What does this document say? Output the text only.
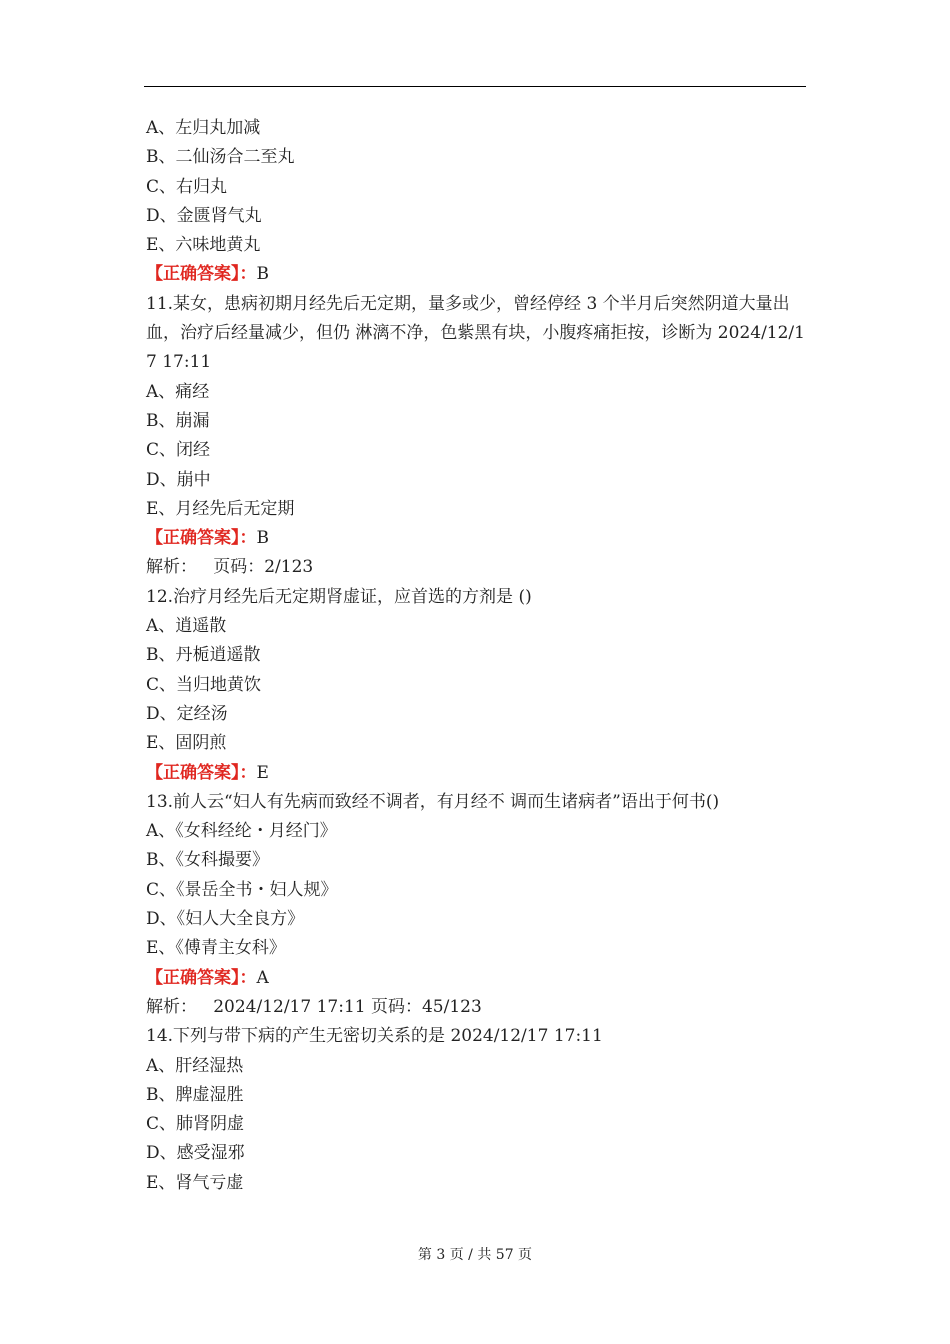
A、左归丸加减
B、二仙汤合二至丸
C、右归丸
D、金匮肾气丸
E、六味地黄丸
【正确答案】：B
11.某女，患病初期月经先后无定期，量多或少，曾经停经 3 个半月后突然阴道大量出血，治疗后经量减少，但仍 淋漓不净，色紫黑有块，小腹疼痛拒按，诊断为 2024/12/17 17:11
A、痛经
B、崩漏
C、闭经
D、崩中
E、月经先后无定期
【正确答案】：B
解析：   页码：2/123
12.治疗月经先后无定期肾虚证，应首选的方剂是 ()
A、逍遥散
B、丹栀逍遥散
C、当归地黄饮
D、定经汤
E、固阴煎
【正确答案】：E
13.前人云“妇人有先病而致经不调者，有月经不 调而生诸病者”语出于何书()
A、《女科经纶・月经门》
B、《女科撮要》
C、《景岳全书・妇人规》
D、《妇人大全良方》
E、《傅青主女科》
【正确答案】：A
解析：   2024/12/17 17:11 页码：45/123
14.下列与带下病的产生无密切关系的是 2024/12/17 17:11
A、肝经湿热
B、脾虚湿胜
C、肺肾阴虚
D、感受湿邪
E、肾气亏虚
第 3 页 / 共 57 页
